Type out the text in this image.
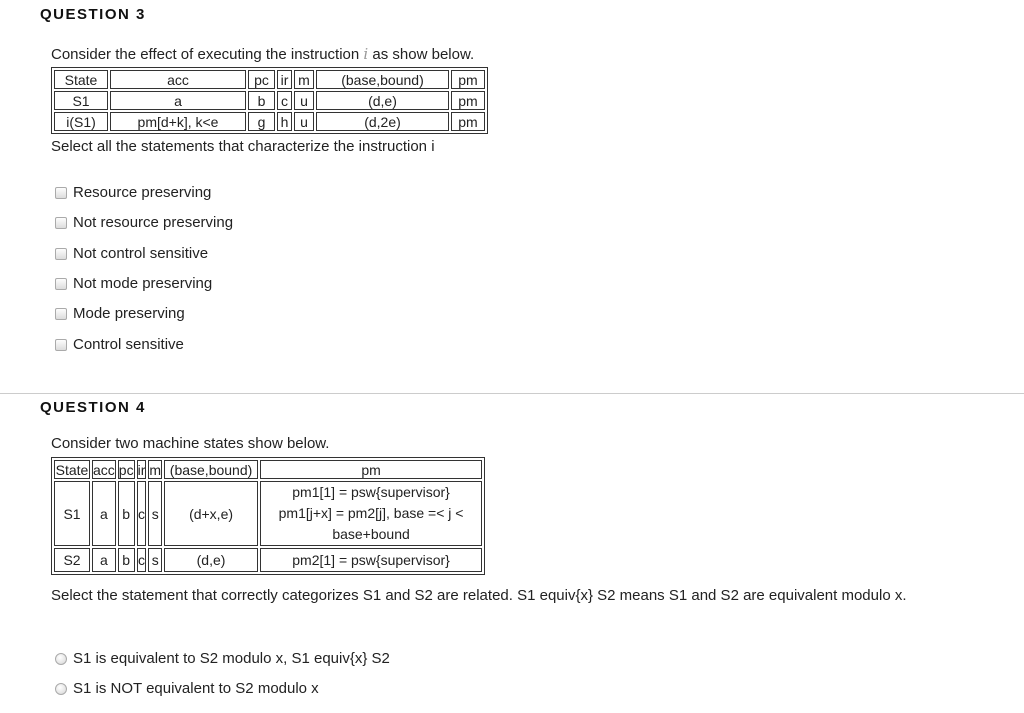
QUESTION 3
Consider the effect of executing the instruction i as show below.
State	acc	pc	ir	m	(base,bound)	pm
S1	a	b	c	u	(d,e)	pm
i(S1)	pm[d+k], k<e	g	h	u	(d,2e)	pm
Select all the statements that characterize the instruction i
Resource preserving
Not resource preserving
Not control sensitive
Not mode preserving
Mode preserving
Control sensitive
QUESTION 4
Consider two machine states show below.
State	acc	pc	ir	m	(base,bound)	pm
S1	a	b	c	s	(d+x,e)	pm1[1] = psw{supervisor}
pm1[j+x] = pm2[j], base =< j <
base+bound

S2	a	b	c	s	(d,e)	pm2[1] = psw{supervisor}
Select the statement that correctly categorizes S1 and S2 are related. S1 equiv{x} S2 means S1 and S2 are equivalent modulo x.
S1 is equivalent to S2 modulo x, S1 equiv{x} S2
S1 is NOT equivalent to S2 modulo x
